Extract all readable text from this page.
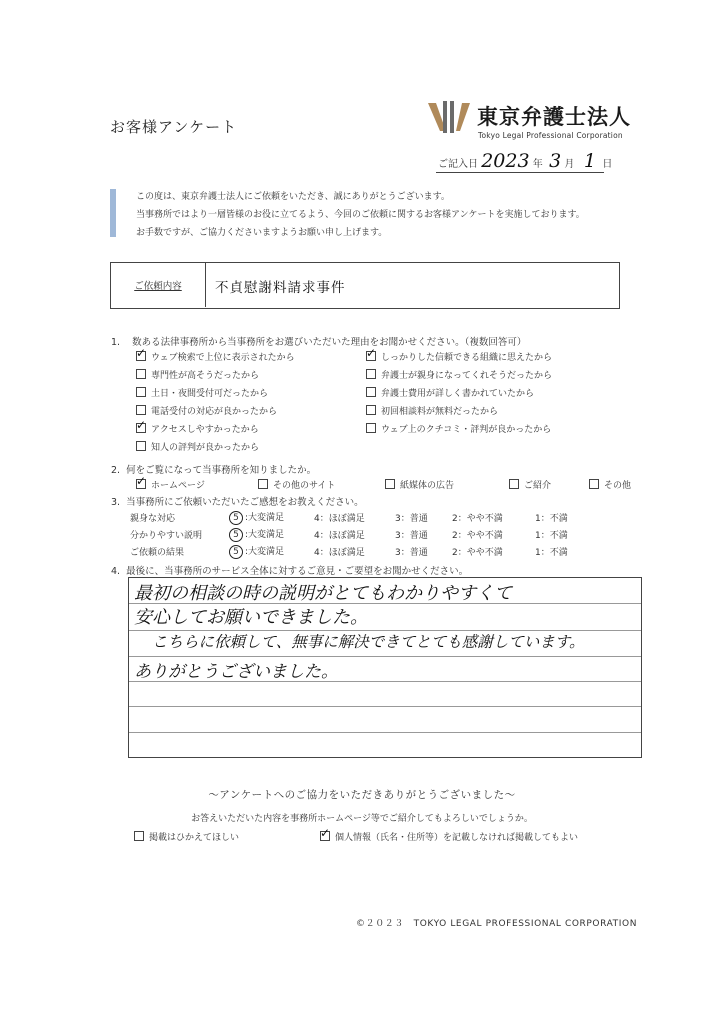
お客様アンケート	東京弁護士法人
Tokyo Legal Professional Corporation
ご記入日 2023 年 3 月 1 日
この度は、東京弁護士法人にご依頼をいただき、誠にありがとうございます。
当事務所ではより一層皆様のお役に立てるよう、今回のご依頼に関するお客様アンケートを実施しております。
お手数ですが、ご協力くださいますようお願い申し上げます。
ご依頼内容	不貞慰謝料請求事件
1. 数ある法律事務所から当事務所をお選びいただいた理由をお聞かせください。（複数回答可）
✓ウェブ検索で上位に表示されたから ✓	しっかりした信頼できる組織に思えたから
専門性が高そうだったから	弁護士が親身になってくれそうだったから
土日・夜間受付可だったから	弁護士費用が詳しく書かれていたから
電話受付の対応が良かったから	初回相談料が無料だったから
✓アクセスしやすかったから	ウェブ上のクチコミ・評判が良かったから
知人の評判が良かったから
2. 何をご覧になって当事務所を知りましたか。
✓ホームページ	その他のサイト	紙媒体の広告	ご紹介	その他
3. 当事務所にご依頼いただいたご感想をお教えください。
親身な対応	5 :大変満足	4：ほぼ満足	3：普通	2：やや不満	1：不満
分かりやすい説明	5 :大変満足	4：ほぼ満足	3：普通	2：やや不満	1：不満
ご依頼の結果	5 :大変満足	4：ほぼ満足	3：普通	2：やや不満	1：不満
4. 最後に、当事務所のサービス全体に対するご意見・ご要望をお聞かせください。
最初の相談の時の説明がとてもわかりやすくて
安心してお願いできました。
こちらに依頼して、無事に解決できてとても感謝しています。
ありがとうございました。
〜アンケートへのご協力をいただきありがとうございました〜
お答えいただいた内容を事務所ホームページ等でご紹介してもよろしいでしょうか。
掲載はひかえてほしい ✓	個人情報（氏名・住所等）を記載しなければ掲載してもよい
©２０２３　TOKYO LEGAL PROFESSIONAL CORPORATION
